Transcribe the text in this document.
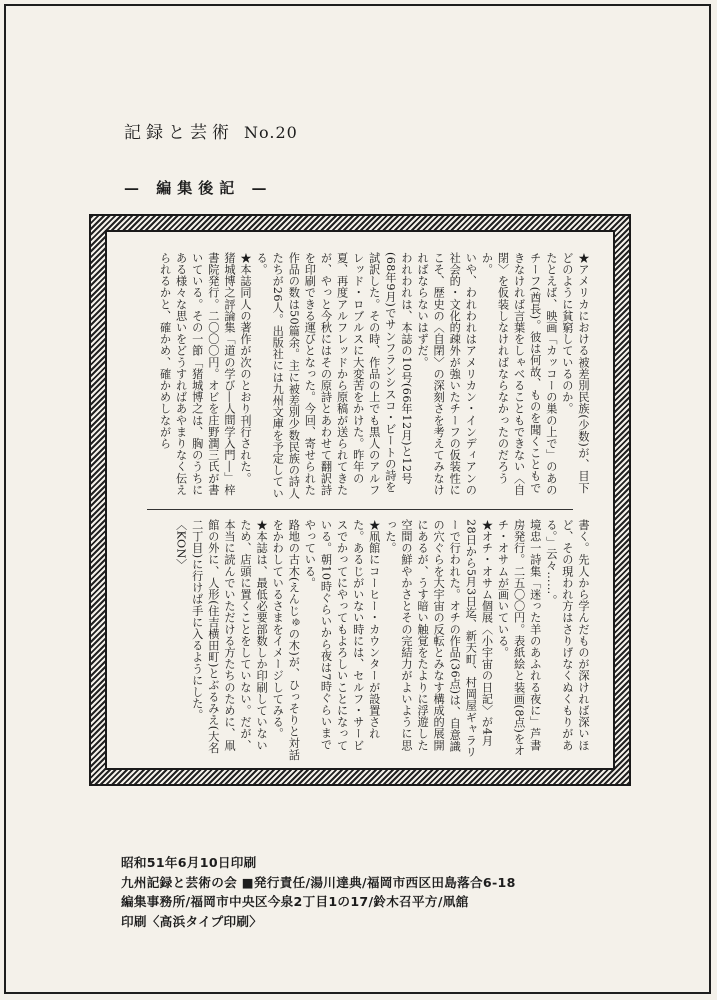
記録と芸術 No.20
— 編集後記 —

★アメリカにおける被差別民族(少数)が、目下どのように貧窮しているのか。

たとえば、映画「カッコーの巣の上で」のあのチーフ(酋長)。彼は何故、ものを聞くこともできなければ言葉をしゃべることもできない〈自閉〉を仮装しなければならなかったのだろうか。

いや、われわれはアメリカン・インディアンの社会的・文化的疎外が強いたチーフの仮装性にこそ、歴史の〈自閉〉の深刻さを考えてみなければならないはずだ。

われわれは、本誌の10号(66年12月)と12号(68年9月)でサンフランシスコ・ビートの詩を試訳した。その時、作品の上でも黒人のアルフレッド・ロブルスに大変苦をかけた。昨年の夏、再度アルフレッドから原稿が送られてきたが、やっと今秋にはその原詩とあわせて翻訳詩を印刷できる運びとなった。今回、寄せられた作品の数は50篇余。主に被差別少数民族の詩人たちが26人。出版社には九州文庫を予定している。

★本誌同人の著作が次のとおり刊行された。

猪城博之評論集「道の学び―人間学入門―」梓書院発行。二〇〇〇円。オビを庄野潤三氏が書いている。その一節「猪城博之は、胸のうちにある様々な思いをどうすればあやまりなく伝えられるかと、確かめ、確かめしながら

書く。先人から学んだものが深ければ深いほど、その現われ方はさりげなくぬくもりがある。」云々……。

境忠一詩集「迷った羊のあふれる夜に」芦書房発行。二五〇〇円。表紙絵と装画(8点)をオチ・オサムが画いている。

★オチ・オサム個展〈小宇宙の日記〉が4月28日から5月3日迄、新天町、村岡屋ギャラリーで行われた。オチの作品(36点)は、自意識の穴ぐらを大宇宙の反転とみなす構成的展開にあるが、うす暗い触覚をたよりに浮遊した空間の鮮やかさとその完結力がよいように思った。

★凧館にコーヒー・カウンターが設置された。あるじがいない時には、セルフ・サービスでかってにやってもよろしいことになっている。朝10時ぐらいから夜は7時ぐらいまでやっている。

路地の古木(えんじゅの木)が、ひっそりと対話をかわしているさまをイメージしてみる。

★本誌は、最低必要部数しか印刷していないため、店頭に置くことをしていない。だが、本当に読んでいただける方たちのために、凧館の外に、人形(住吉横田町)とぶるみえ(大名二丁目)に行けば手に入るようにした。

〈KON〉

昭和51年6月10日印刷
九州記録と芸術の会 ■発行責任/湯川達典/福岡市西区田島落合6-18
編集事務所/福岡市中央区今泉2丁目1の17/鈴木召平方/凧舘
印刷〈高浜タイプ印刷〉
